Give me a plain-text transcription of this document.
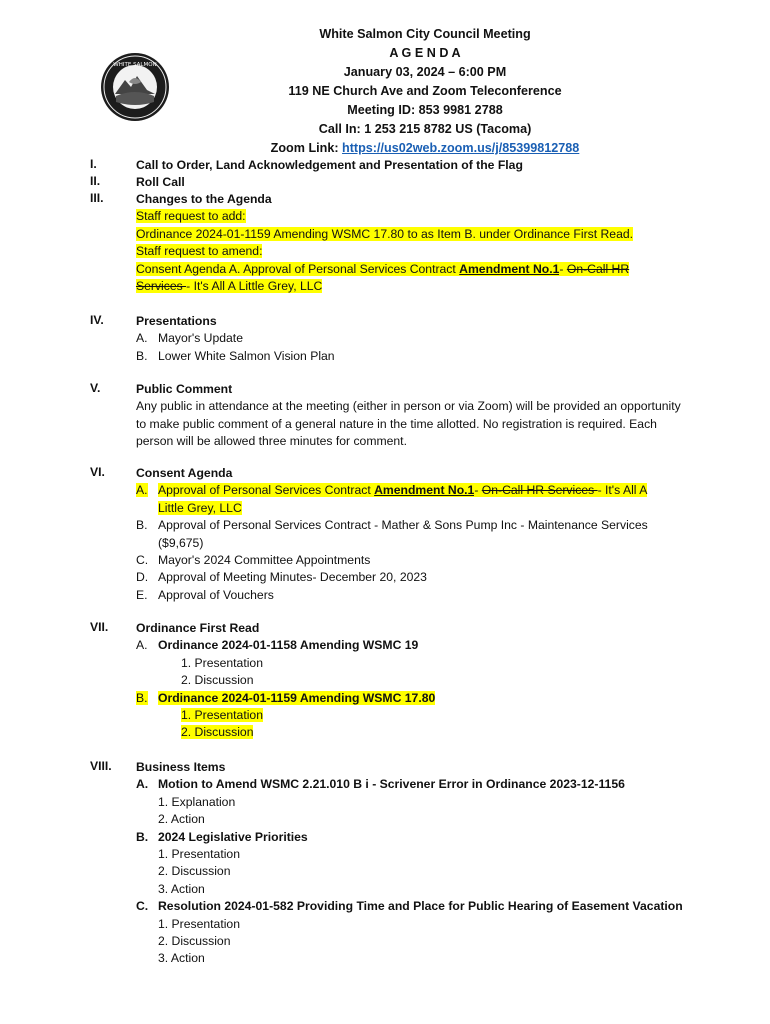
WHITE SALMON
White Salmon City Council Meeting
A G E N D A
January 03, 2024 – 6:00 PM
119 NE Church Ave and Zoom Teleconference
Meeting ID: 853 9981 2788
Call In: 1 253 215 8782 US (Tacoma)
Zoom Link: https://us02web.zoom.us/j/85399812788
I.	Call to Order, Land Acknowledgement and Presentation of the Flag
II.	Roll Call
III.	Changes to the Agenda
Staff request to add:
Ordinance 2024-01-1159 Amending WSMC 17.80 to as Item B. under Ordinance First Read.
Staff request to amend:
Consent Agenda A. Approval of Personal Services Contract Amendment No.1- On-Call HR
Services - It's All A Little Grey, LLC
IV.	Presentations
A. Mayor's Update
B. Lower White Salmon Vision Plan
V.	Public Comment
Any public in attendance at the meeting (either in person or via Zoom) will be provided an opportunity to make public comment of a general nature in the time allotted. No registration is required. Each person will be allowed three minutes for comment.
VI.	Consent Agenda
A. Approval of Personal Services Contract Amendment No.1- On-Call HR Services - It's All A Little Grey, LLC
B. Approval of Personal Services Contract - Mather & Sons Pump Inc - Maintenance Services ($9,675)
C. Mayor's 2024 Committee Appointments
D. Approval of Meeting Minutes- December 20, 2023
E. Approval of Vouchers
VII.	Ordinance First Read
A. Ordinance 2024-01-1158 Amending WSMC 19
1. Presentation
2. Discussion
B. Ordinance 2024-01-1159 Amending WSMC 17.80
1. Presentation
2. Discussion
VIII.	Business Items
A. Motion to Amend WSMC 2.21.010 B i - Scrivener Error in Ordinance 2023-12-1156
1. Explanation
2. Action
B. 2024 Legislative Priorities
1. Presentation
2. Discussion
3. Action
C. Resolution 2024-01-582 Providing Time and Place for Public Hearing of Easement Vacation
1. Presentation
2. Discussion
3. Action
